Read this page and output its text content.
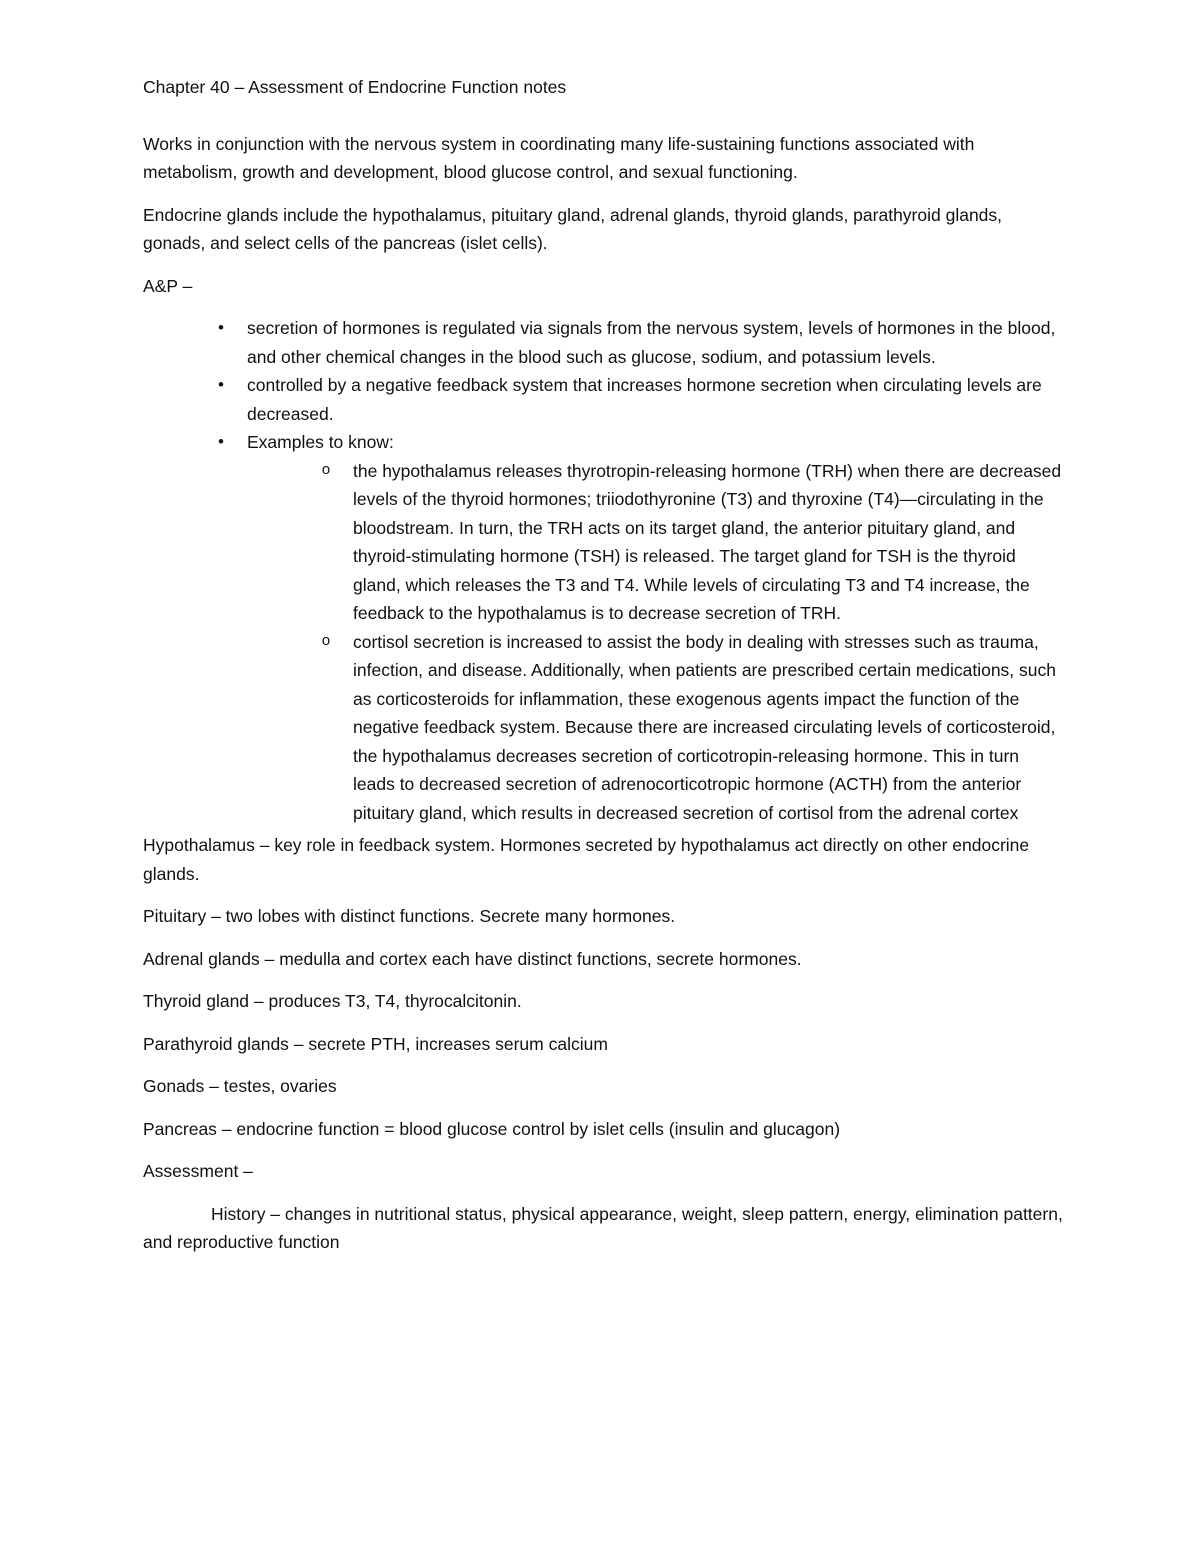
Chapter 40 – Assessment of Endocrine Function notes

Works in conjunction with the nervous system in coordinating many life-sustaining functions associated with metabolism, growth and development, blood glucose control, and sexual functioning.

Endocrine glands include the hypothalamus, pituitary gland, adrenal glands, thyroid glands, parathyroid glands, gonads, and select cells of the pancreas (islet cells).

A&P –

• secretion of hormones is regulated via signals from the nervous system, levels of hormones in the blood, and other chemical changes in the blood such as glucose, sodium, and potassium levels.
• controlled by a negative feedback system that increases hormone secretion when circulating levels are decreased.
• Examples to know:
o the hypothalamus releases thyrotropin-releasing hormone (TRH) when there are decreased levels of the thyroid hormones; triiodothyronine (T3) and thyroxine (T4)—circulating in the bloodstream. In turn, the TRH acts on its target gland, the anterior pituitary gland, and thyroid-stimulating hormone (TSH) is released. The target gland for TSH is the thyroid gland, which releases the T3 and T4. While levels of circulating T3 and T4 increase, the feedback to the hypothalamus is to decrease secretion of TRH.
o cortisol secretion is increased to assist the body in dealing with stresses such as trauma, infection, and disease. Additionally, when patients are prescribed certain medications, such as corticosteroids for inflammation, these exogenous agents impact the function of the negative feedback system. Because there are increased circulating levels of corticosteroid, the hypothalamus decreases secretion of corticotropin-releasing hormone. This in turn leads to decreased secretion of adrenocorticotropic hormone (ACTH) from the anterior pituitary gland, which results in decreased secretion of cortisol from the adrenal cortex

Hypothalamus – key role in feedback system. Hormones secreted by hypothalamus act directly on other endocrine glands.

Pituitary – two lobes with distinct functions. Secrete many hormones.

Adrenal glands – medulla and cortex each have distinct functions, secrete hormones.

Thyroid gland – produces T3, T4, thyrocalcitonin.

Parathyroid glands – secrete PTH, increases serum calcium

Gonads – testes, ovaries

Pancreas – endocrine function = blood glucose control by islet cells (insulin and glucagon)

Assessment –

History – changes in nutritional status, physical appearance, weight, sleep pattern, energy, elimination pattern, and reproductive function
